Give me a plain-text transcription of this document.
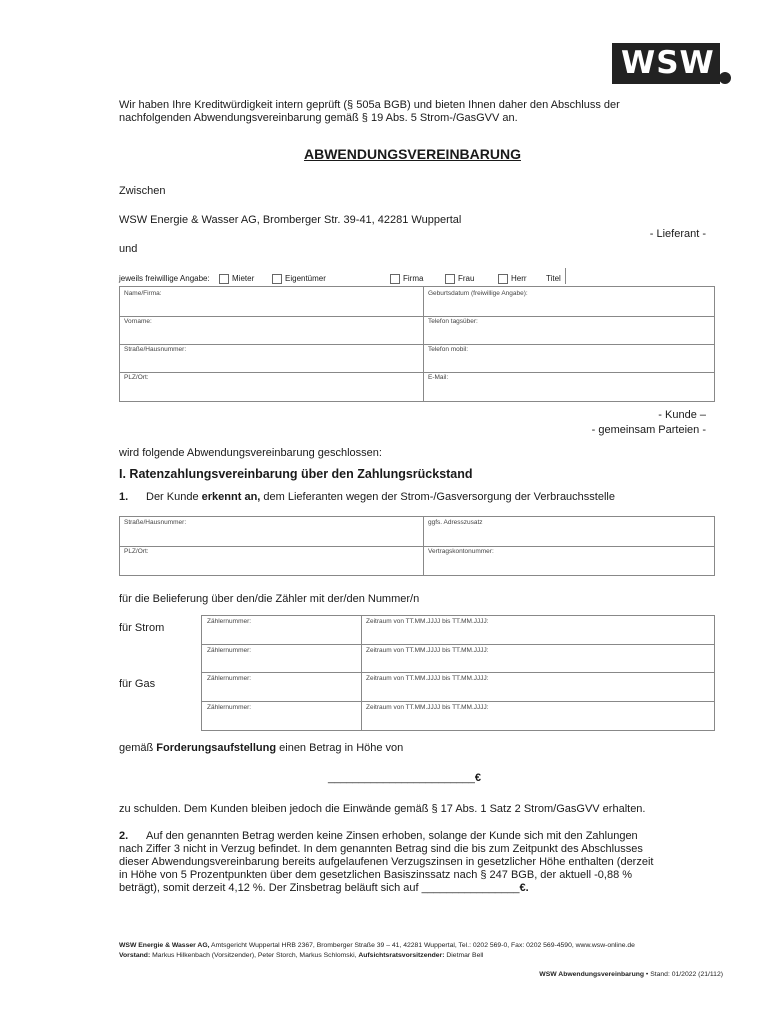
WSW
Wir haben Ihre Kreditwürdigkeit intern geprüft (§ 505a BGB) und bieten Ihnen daher den Abschluss der
nachfolgenden Abwendungsvereinbarung gemäß § 19 Abs. 5 Strom-/GasGVV an.
ABWENDUNGSVEREINBARUNG
Zwischen
WSW Energie & Wasser AG, Bromberger Str. 39-41, 42281 Wuppertal
- Lieferant -
und
jeweils freiwillige Angabe:	Mieter	Eigentümer	Firma	Frau	Herr Titel
Name/Firma:	Geburtsdatum (freiwillige Angabe):
Vorname:	Telefon tagsüber:
Straße/Hausnummer:	Telefon mobil:
PLZ/Ort:	E-Mail:
- Kunde –
- gemeinsam Parteien -
wird folgende Abwendungsvereinbarung geschlossen:
I. Ratenzahlungsvereinbarung über den Zahlungsrückstand
1. Der Kunde erkennt an, dem Lieferanten wegen der Strom-/Gasversorgung der Verbrauchsstelle
Straße/Hausnummer:	ggfs. Adresszusatz
PLZ/Ort:	Vertragskontonummer:
für die Belieferung über den/die Zähler mit der/den Nummer/n
für Strom
für Gas
Zählernummer:	Zeitraum von TT.MM.JJJJ bis TT.MM.JJJJ:
Zählernummer:	Zeitraum von TT.MM.JJJJ bis TT.MM.JJJJ:
Zählernummer:	Zeitraum von TT.MM.JJJJ bis TT.MM.JJJJ:
Zählernummer:	Zeitraum von TT.MM.JJJJ bis TT.MM.JJJJ:
gemäß Forderungsaufstellung einen Betrag in Höhe von
________________________€
zu schulden. Dem Kunden bleiben jedoch die Einwände gemäß § 17 Abs. 1 Satz 2 Strom/GasGVV erhalten.
2. Auf den genannten Betrag werden keine Zinsen erhoben, solange der Kunde sich mit den Zahlungen
nach Ziffer 3 nicht in Verzug befindet. In dem genannten Betrag sind die bis zum Zeitpunkt des Abschlusses
dieser Abwendungsvereinbarung bereits aufgelaufenen Verzugszinsen in gesetzlicher Höhe enthalten (derzeit
in Höhe von 5 Prozentpunkten über dem gesetzlichen Basiszinssatz nach § 247 BGB, der aktuell -0,88 %
beträgt), somit derzeit 4,12 %. Der Zinsbetrag beläuft sich auf ________________€.
WSW Energie & Wasser AG, Amtsgericht Wuppertal HRB 2367, Bromberger Straße 39 – 41, 42281 Wuppertal, Tel.: 0202 569-0, Fax: 0202 569-4590, www.wsw-online.de
Vorstand: Markus Hilkenbach (Vorsitzender), Peter Storch, Markus Schlomski, Aufsichtsratsvorsitzender: Dietmar Bell
WSW Abwendungsvereinbarung • Stand: 01/2022 (21/112)
